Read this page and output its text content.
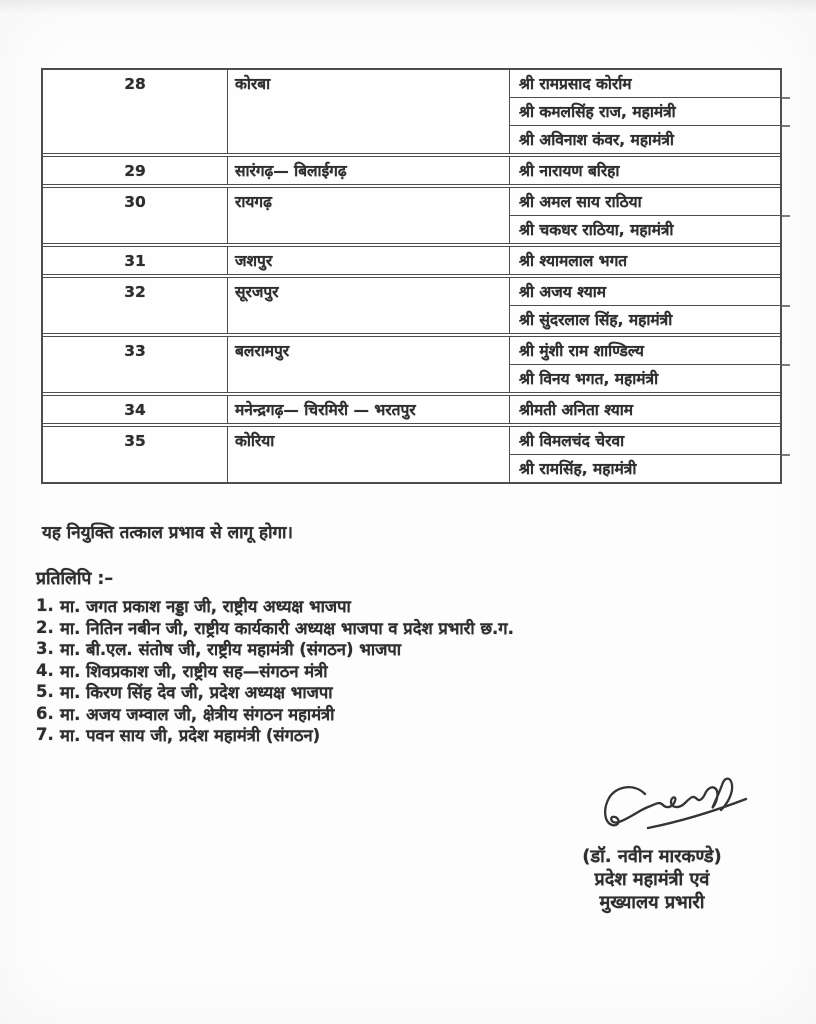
28	कोरबा	श्री रामप्रसाद कोर्राम
श्री कमलसिंह राज, महामंत्री
श्री अविनाश कंवर, महामंत्री
29	सारंगढ़— बिलाईगढ़	श्री नारायण बरिहा
30	रायगढ़	श्री अमल साय राठिया
श्री चकधर राठिया, महामंत्री
31	जशपुर	श्री श्यामलाल भगत
32	सूरजपुर	श्री अजय श्याम
श्री सुंदरलाल सिंह, महामंत्री
33	बलरामपुर	श्री मुंशी राम शाण्डिल्य
श्री विनय भगत, महामंत्री
34	मनेन्द्रगढ़— चिरमिरी — भरतपुर	श्रीमती अनिता श्याम
35	कोरिया	श्री विमलचंद चेरवा
श्री रामसिंह, महामंत्री
यह नियुक्ति तत्काल प्रभाव से लागू होगा।
प्रतिलिपि :–
1. मा. जगत प्रकाश नड्डा जी, राष्ट्रीय अध्यक्ष भाजपा
2. मा. नितिन नबीन जी, राष्ट्रीय कार्यकारी अध्यक्ष भाजपा व प्रदेश प्रभारी छ.ग.
3. मा. बी.एल. संतोष जी, राष्ट्रीय महामंत्री (संगठन) भाजपा
4. मा. शिवप्रकाश जी, राष्ट्रीय सह—संगठन मंत्री
5. मा. किरण सिंह देव जी, प्रदेश अध्यक्ष भाजपा
6. मा. अजय जम्वाल जी, क्षेत्रीय संगठन महामंत्री
7. मा. पवन साय जी, प्रदेश महामंत्री (संगठन)
(डॉ. नवीन मारकण्डे)
प्रदेश महामंत्री एवं
मुख्यालय प्रभारी
